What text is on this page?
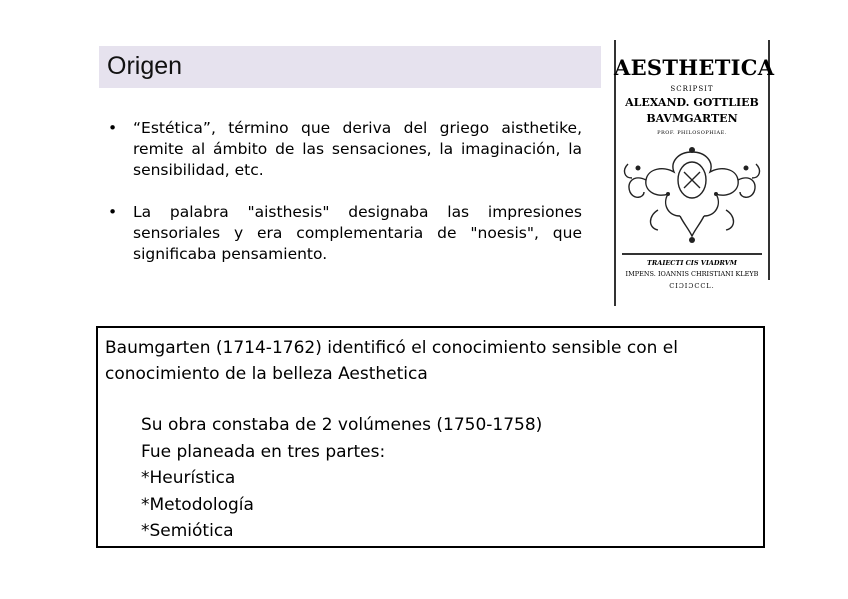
Origen
• “Estética”, término que deriva del griego aisthetike, remite al ámbito de las sensaciones, la imaginación, la sensibilidad, etc.
• La palabra "aisthesis" designaba las impresiones sensoriales y era complementaria de "noesis", que significaba pensamiento.
AESTHETICA
SCRIPSIT
ALEXAND. GOTTLIEB
BAVMGARTEN
PROF. PHILOSOPHIAE.
TRAIECTI CIS VIADRVM
IMPENS. IOANNIS CHRISTIANI KLEYB
CIƆIƆCCL.
Baumgarten (1714-1762) identificó el conocimiento sensible con el conocimiento de la belleza Aesthetica
Su obra constaba de 2 volúmenes (1750-1758)
Fue planeada en tres partes:
*Heurística
*Metodología
*Semiótica
